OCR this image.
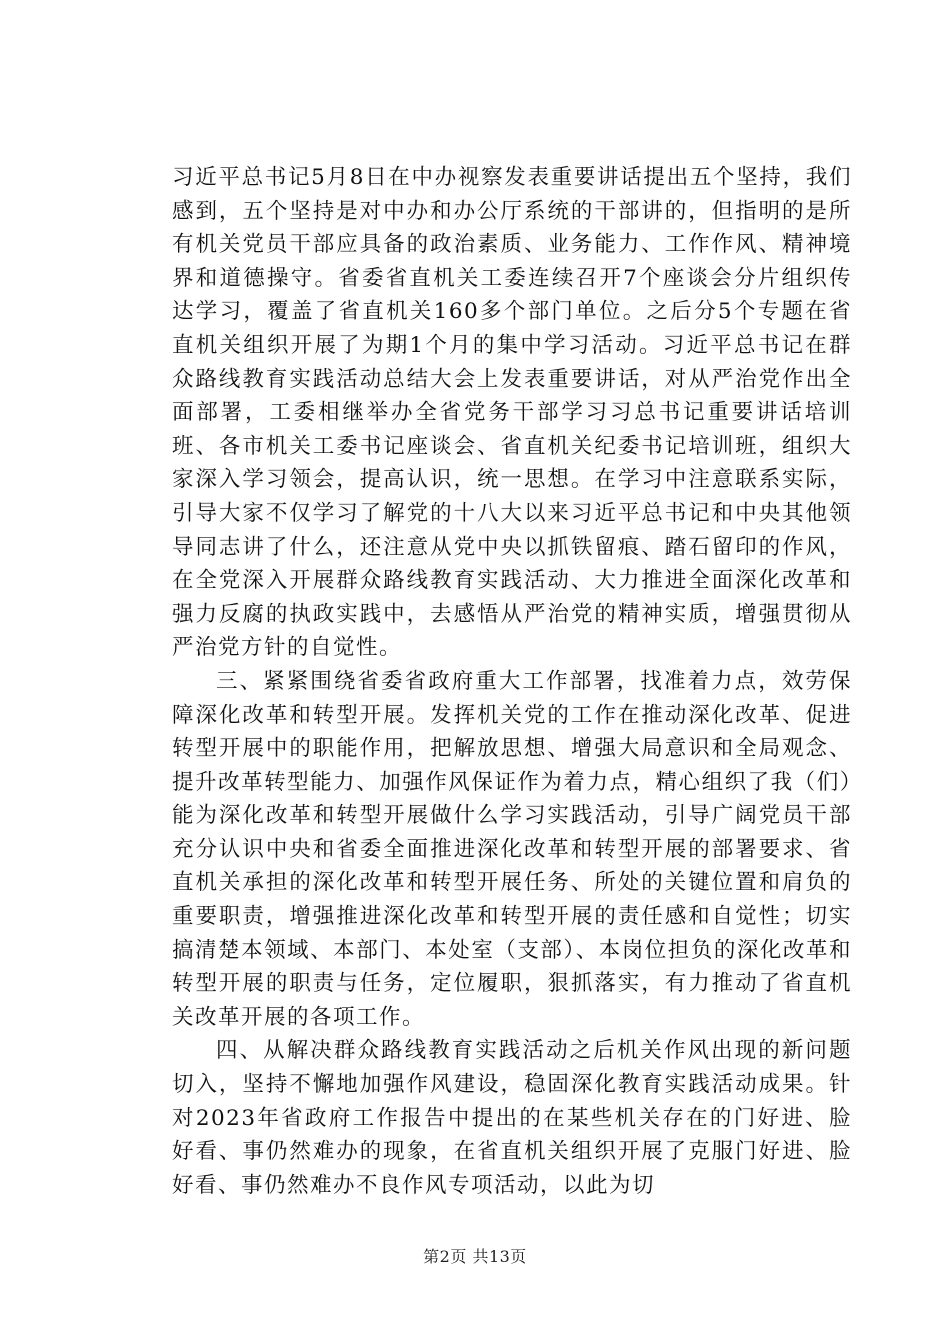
习近平总书记5月8日在中办视察发表重要讲话提出五个坚持，我们感到，五个坚持是对中办和办公厅系统的干部讲的，但指明的是所有机关党员干部应具备的政治素质、业务能力、工作作风、精神境界和道德操守。省委省直机关工委连续召开7个座谈会分片组织传达学习，覆盖了省直机关160多个部门单位。之后分5个专题在省直机关组织开展了为期1个月的集中学习活动。习近平总书记在群众路线教育实践活动总结大会上发表重要讲话，对从严治党作出全面部署，工委相继举办全省党务干部学习习总书记重要讲话培训班、各市机关工委书记座谈会、省直机关纪委书记培训班，组织大家深入学习领会，提高认识，统一思想。在学习中注意联系实际，引导大家不仅学习了解党的十八大以来习近平总书记和中央其他领导同志讲了什么，还注意从党中央以抓铁留痕、踏石留印的作风，在全党深入开展群众路线教育实践活动、大力推进全面深化改革和强力反腐的执政实践中，去感悟从严治党的精神实质，增强贯彻从严治党方针的自觉性。

三、紧紧围绕省委省政府重大工作部署，找准着力点，效劳保障深化改革和转型开展。发挥机关党的工作在推动深化改革、促进转型开展中的职能作用，把解放思想、增强大局意识和全局观念、提升改革转型能力、加强作风保证作为着力点，精心组织了我（们）能为深化改革和转型开展做什么学习实践活动，引导广阔党员干部充分认识中央和省委全面推进深化改革和转型开展的部署要求、省直机关承担的深化改革和转型开展任务、所处的关键位置和肩负的重要职责，增强推进深化改革和转型开展的责任感和自觉性；切实搞清楚本领域、本部门、本处室（支部）、本岗位担负的深化改革和转型开展的职责与任务，定位履职，狠抓落实，有力推动了省直机关改革开展的各项工作。

四、从解决群众路线教育实践活动之后机关作风出现的新问题切入，坚持不懈地加强作风建设，稳固深化教育实践活动成果。针对2023年省政府工作报告中提出的在某些机关存在的门好进、脸好看、事仍然难办的现象，在省直机关组织开展了克服门好进、脸好看、事仍然难办不良作风专项活动，以此为切

第2页 共13页
